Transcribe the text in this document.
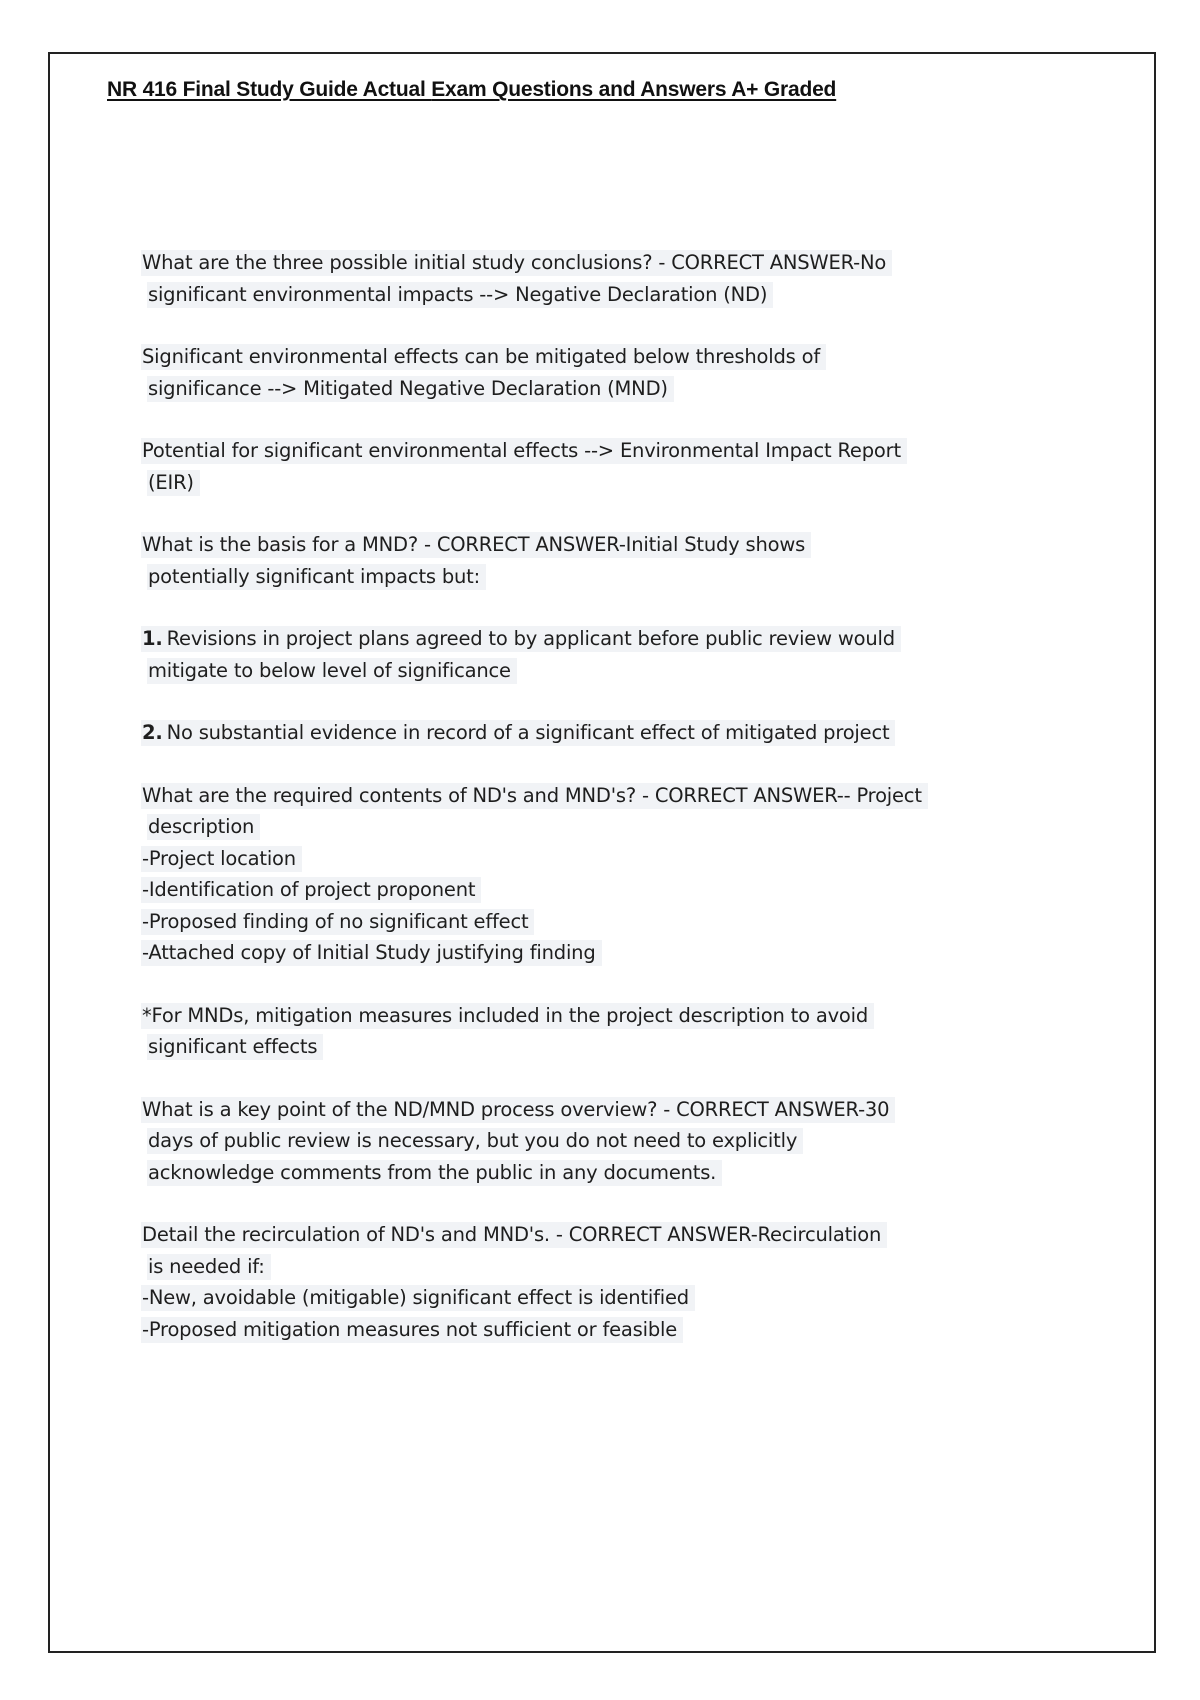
NR 416 Final Study Guide Actual Exam Questions and Answers A+ Graded
What are the three possible initial study conclusions? - CORRECT ANSWER-No
significant environmental impacts --> Negative Declaration (ND)
Significant environmental effects can be mitigated below thresholds of
significance --> Mitigated Negative Declaration (MND)
Potential for significant environmental effects --> Environmental Impact Report
(EIR)
What is the basis for a MND? - CORRECT ANSWER-Initial Study shows
potentially significant impacts but:
1. Revisions in project plans agreed to by applicant before public review would
mitigate to below level of significance
2. No substantial evidence in record of a significant effect of mitigated project
What are the required contents of ND's and MND's? - CORRECT ANSWER-- Project
description
-Project location
-Identification of project proponent
-Proposed finding of no significant effect
-Attached copy of Initial Study justifying finding
*For MNDs, mitigation measures included in the project description to avoid
significant effects
What is a key point of the ND/MND process overview? - CORRECT ANSWER-30
days of public review is necessary, but you do not need to explicitly
acknowledge comments from the public in any documents.
Detail the recirculation of ND's and MND's. - CORRECT ANSWER-Recirculation
is needed if:
-New, avoidable (mitigable) significant effect is identified
-Proposed mitigation measures not sufficient or feasible
